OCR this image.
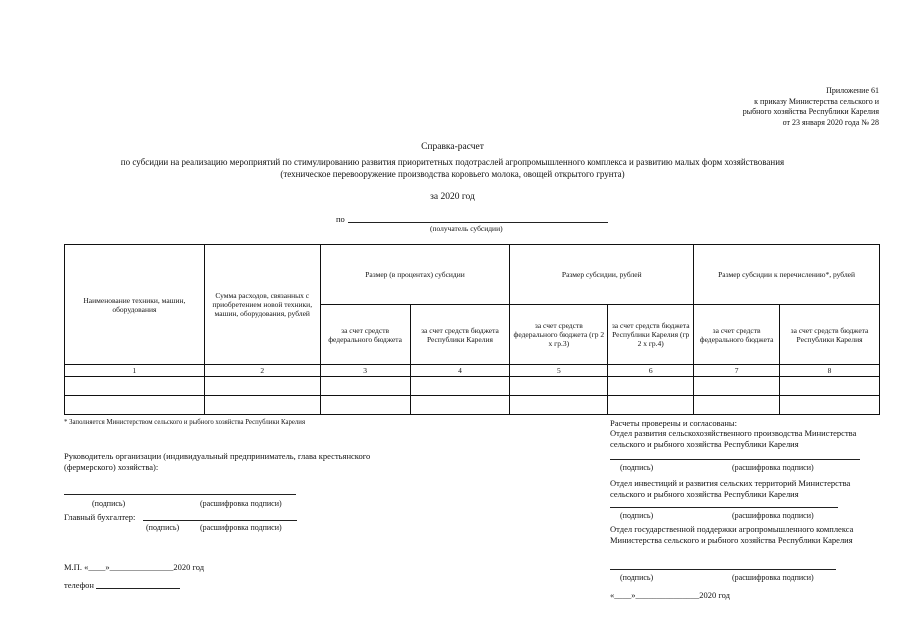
Приложение 61
к приказу Министерства сельского и
рыбного хозяйства Республики Карелия
от 23 января 2020 года № 28
Справка-расчет
по субсидии на реализацию мероприятий по стимулированию развития приоритетных подотраслей агропромышленного комплекса и развитию малых форм хозяйствования
(техническое перевооружение производства коровьего молока, овощей открытого грунта)
за 2020 год
по
(получатель субсидии)
Наименование техники, машин, оборудования	Сумма расходов, связанных с приобретением новой техники, машин, оборудования, рублей	Размер (в процентах) субсидии		Размер субсидии, рублей		Размер субсидии к перечислению*, рублей	
		за счет средств федерального бюджета	за счет средств бюджета Республики Карелия	за счет средств федерального бюджета (гр 2 х гр.3)	за счет средств бюджета Республики Карелия (гр 2 х гр.4)	за счет средств федерального бюджета	за счет средств бюджета Республики Карелия
1	2	3	4	5	6	7	8

* Заполняется Министерством сельского и рыбного хозяйства Республики Карелия
Руководитель организации (индивидуальный предприниматель, глава крестьянского (фермерского) хозяйства):
(подпись)	(расшифровка подписи)
Главный бухгалтер:
(подпись)	(расшифровка подписи)
М.П. «____»_______________2020 год
телефон
Расчеты проверены и согласованы:
Отдел развития сельскохозяйственного производства Министерства сельского и рыбного хозяйства Республики Карелия
(подпись)	(расшифровка подписи)
Отдел инвестиций и развития сельских территорий Министерства сельского и рыбного хозяйства Республики Карелия
(подпись)	(расшифровка подписи)
Отдел государственной поддержки агропромышленного комплекса Министерства сельского и рыбного хозяйства Республики Карелия
(подпись)	(расшифровка подписи)
«____»_______________2020 год
